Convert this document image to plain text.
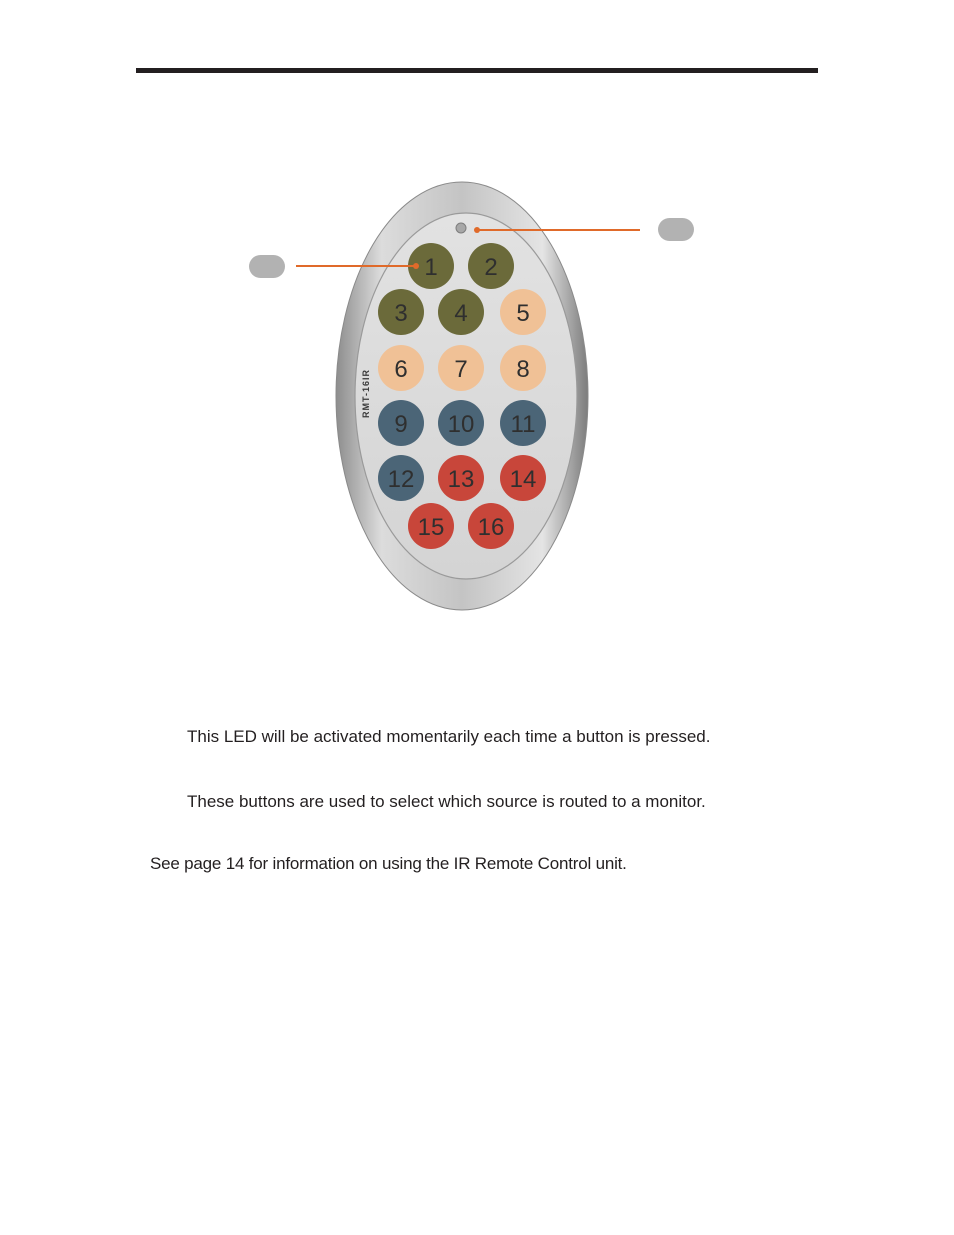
RMT-16IR
1 2
3 4 5
6 7 8
9 10 11
12 13 14
15 16
This LED will be activated momentarily each time a button is pressed.
These buttons are used to select which source is routed to a monitor.
See page 14 for information on using the IR Remote Control unit.
